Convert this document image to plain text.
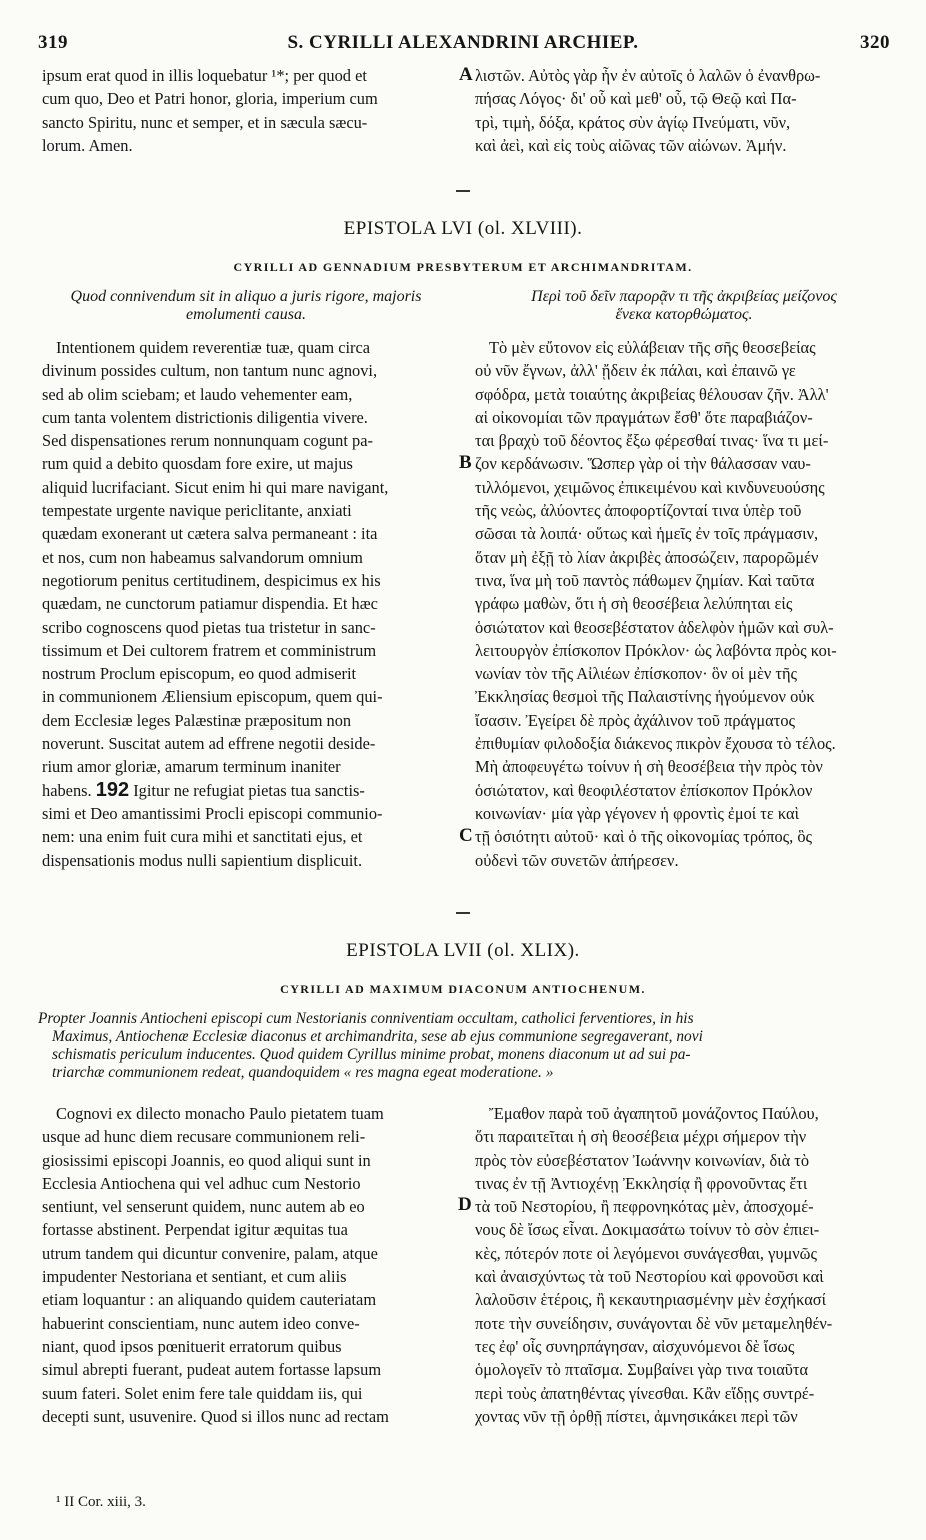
319	S. CYRILLI ALEXANDRINI ARCHIEP.	320
ipsum erat quod in illis loquebatur ¹*; per quod et
cum quo, Deo et Patri honor, gloria, imperium cum
sancto Spiritu, nunc et semper, et in sæcula sæcu-
lorum. Amen.
A λιστῶν. Αὐτὸς γὰρ ἦν ἐν αὐτοῖς ὁ λαλῶν ὁ ἐνανθρω-
πήσας Λόγος· δι' οὗ καὶ μεθ' οὗ, τῷ Θεῷ καὶ Πα-
τρὶ, τιμὴ, δόξα, κράτος σὺν ἁγίῳ Πνεύματι, νῦν,
καὶ ἀεὶ, καὶ εἰς τοὺς αἰῶνας τῶν αἰώνων. Ἀμήν.
EPISTOLA LVI (ol. XLVIII).
CYRILLI AD GENNADIUM PRESBYTERUM ET ARCHIMANDRITAM.
Quod connivendum sit in aliquo a juris rigore, majoris
emolumenti causa.
Περὶ τοῦ δεῖν παρορᾷν τι τῆς ἀκριβείας μείζονος
ἕνεκα κατορθώματος.
Intentionem quidem reverentiæ tuæ, quam circa
divinum possides cultum, non tantum nunc agnovi,
sed ab olim sciebam; et laudo vehementer eam,
cum tanta volentem districtionis diligentia vivere.
Sed dispensationes rerum nonnunquam cogunt pa-
rum quid a debito quosdam fore exire, ut majus
aliquid lucrifaciant. Sicut enim hi qui mare navigant,
tempestate urgente navique periclitante, anxiati
quædam exonerant ut cætera salva permaneant : ita
et nos, cum non habeamus salvandorum omnium
negotiorum penitus certitudinem, despicimus ex his
quædam, ne cunctorum patiamur dispendia. Et hæc
scribo cognoscens quod pietas tua tristetur in sanc-
tissimum et Dei cultorem fratrem et comministrum
nostrum Proclum episcopum, eo quod admiserit
in communionem Æliensium episcopum, quem qui-
dem Ecclesiæ leges Palæstinæ præpositum non
noverunt. Suscitat autem ad effrene negotii deside-
rium amor gloriæ, amarum terminum inaniter
habens. 192 Igitur ne refugiat pietas tua sanctis-
simi et Deo amantissimi Procli episcopi communio-
nem: una enim fuit cura mihi et sanctitati ejus, et
dispensationis modus nulli sapientium displicuit.
B
C
Τὸ μὲν εὔτονον εἰς εὐλάβειαν τῆς σῆς θεοσεβείας
οὐ νῦν ἔγνων, ἀλλ' ᾔδειν ἐκ πάλαι, καὶ ἐπαινῶ γε
σφόδρα, μετὰ τοιαύτης ἀκριβείας θέλουσαν ζῆν. Ἀλλ'
αἱ οἰκονομίαι τῶν πραγμάτων ἔσθ' ὅτε παραβιάζον-
ται βραχὺ τοῦ δέοντος ἔξω φέρεσθαί τινας· ἵνα τι μεί-
ζον κερδάνωσιν. Ὥσπερ γὰρ οἱ τὴν θάλασσαν ναυ-
τιλλόμενοι, χειμῶνος ἐπικειμένου καὶ κινδυνευούσης
τῆς νεὼς, ἀλύοντες ἀποφορτίζονταί τινα ὑπὲρ τοῦ
σῶσαι τὰ λοιπά· οὕτως καὶ ἡμεῖς ἐν τοῖς πράγμασιν,
ὅταν μὴ ἐξῇ τὸ λίαν ἀκριβὲς ἀποσώζειν, παρορῶμέν
τινα, ἵνα μὴ τοῦ παντὸς πάθωμεν ζημίαν. Καὶ ταῦτα
γράφω μαθὼν, ὅτι ἡ σὴ θεοσέβεια λελύπηται εἰς
ὁσιώτατον καὶ θεοσεβέστατον ἀδελφὸν ἡμῶν καὶ συλ-
λειτουργὸν ἐπίσκοπον Πρόκλον· ὡς λαβόντα πρὸς κοι-
νωνίαν τὸν τῆς Αἰλιέων ἐπίσκοπον· ὃν οἱ μὲν τῆς
Ἐκκλησίας θεσμοὶ τῆς Παλαιστίνης ἡγούμενον οὐκ
ἴσασιν. Ἐγείρει δὲ πρὸς ἀχάλινον τοῦ πράγματος
ἐπιθυμίαν φιλοδοξία διάκενος πικρὸν ἔχουσα τὸ τέλος.
Μὴ ἀποφευγέτω τοίνυν ἡ σὴ θεοσέβεια τὴν πρὸς τὸν
ὁσιώτατον, καὶ θεοφιλέστατον ἐπίσκοπον Πρόκλον
κοινωνίαν· μία γὰρ γέγονεν ἡ φροντὶς ἐμοί τε καὶ
τῇ ὁσιότητι αὐτοῦ· καὶ ὁ τῆς οἰκονομίας τρόπος, ὃς
οὐδενὶ τῶν συνετῶν ἀπήρεσεν.
EPISTOLA LVII (ol. XLIX).
CYRILLI AD MAXIMUM DIACONUM ANTIOCHENUM.
Propter Joannis Antiocheni episcopi cum Nestorianis conniventiam occultam, catholici ferventiores, in his
Maximus, Antiochenæ Ecclesiæ diaconus et archimandrita, sese ab ejus communione segregaverant, novi
schismatis periculum inducentes. Quod quidem Cyrillus minime probat, monens diaconum ut ad sui pa-
triarchæ communionem redeat, quandoquidem « res magna egeat moderatione. »
Cognovi ex dilecto monacho Paulo pietatem tuam
usque ad hunc diem recusare communionem reli-
giosissimi episcopi Joannis, eo quod aliqui sunt in
Ecclesia Antiochena qui vel adhuc cum Nestorio
sentiunt, vel senserunt quidem, nunc autem ab eo
fortasse abstinent. Perpendat igitur æquitas tua
utrum tandem qui dicuntur convenire, palam, atque
impudenter Nestoriana et sentiant, et cum aliis
etiam loquantur : an aliquando quidem cauteriatam
habuerint conscientiam, nunc autem ideo conve-
niant, quod ipsos pœnituerit erratorum quibus
simul abrepti fuerant, pudeat autem fortasse lapsum
suum fateri. Solet enim fere tale quiddam iis, qui
decepti sunt, usuvenire. Quod si illos nunc ad rectam
D
Ἔμαθον παρὰ τοῦ ἀγαπητοῦ μονάζοντος Παύλου,
ὅτι παραιτεῖται ἡ σὴ θεοσέβεια μέχρι σήμερον τὴν
πρὸς τὸν εὐσεβέστατον Ἰωάννην κοινωνίαν, διὰ τὸ
τινας ἐν τῇ Ἀντιοχένῃ Ἐκκλησίᾳ ἢ φρονοῦντας ἔτι
τὰ τοῦ Νεστορίου, ἢ πεφρονηκότας μὲν, ἀποσχομέ-
νους δὲ ἴσως εἶναι. Δοκιμασάτω τοίνυν τὸ σὸν ἐπιει-
κὲς, πότερόν ποτε οἱ λεγόμενοι συνάγεσθαι, γυμνῶς
καὶ ἀναισχύντως τὰ τοῦ Νεστορίου καὶ φρονοῦσι καὶ
λαλοῦσιν ἑτέροις, ἢ κεκαυτηριασμένην μὲν ἐσχήκασί
ποτε τὴν συνείδησιν, συνάγονται δὲ νῦν μεταμεληθέν-
τες ἐφ' οἷς συνηρπάγησαν, αἰσχυνόμενοι δὲ ἴσως
ὁμολογεῖν τὸ πταῖσμα. Συμβαίνει γὰρ τινα τοιαῦτα
περὶ τοὺς ἀπατηθέντας γίνεσθαι. Κἂν εἴδῃς συντρέ-
χοντας νῦν τῇ ὀρθῇ πίστει, ἀμνησικάκει περὶ τῶν
¹ II Cor. xiii, 3.
